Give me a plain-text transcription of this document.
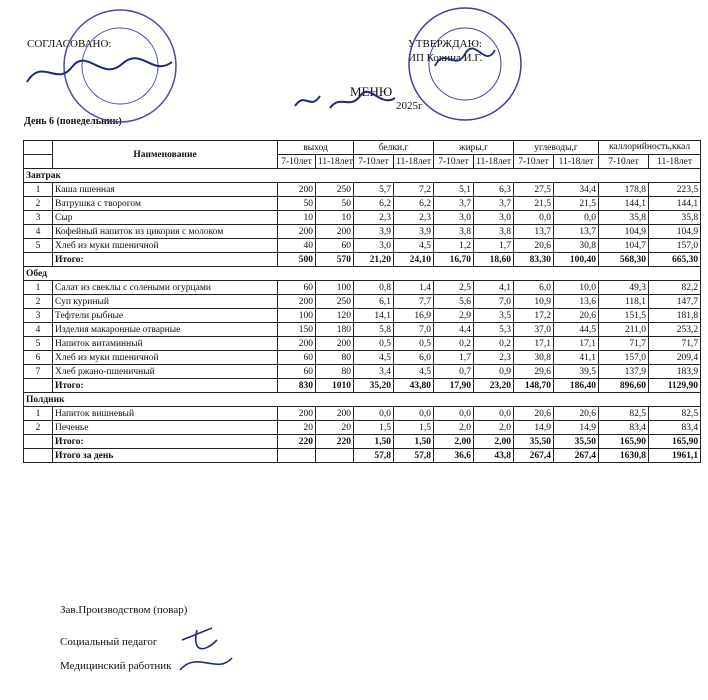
СОГЛАСОВАНО:	УТВЕРЖДАЮ:
ИП Кокина И.Г.
МЕНЮ
2025г
День 6 (понедельник)
	Наименование	выход		белки,г		жиры,г		углеводы,г		каллорийность,ккал	
		7-10лет	11-18лет	7-10лет	11-18лет	7-10лет	11-18лет	7-10лет	11-18лет	7-10лет	11-18лет
Завтрак											
1	Каша пшенная	200	250	5,7	7,2	5,1	6,3	27,5	34,4	178,8	223,5
2	Ватрушка с творогом	50	50	6,2	6,2	3,7	3,7	21,5	21,5	144,1	144,1
3	Сыр	10	10	2,3	2,3	3,0	3,0	0,0	0,0	35,8	35,8
4	Кофейный напиток из цикория с молоком	200	200	3,9	3,9	3,8	3,8	13,7	13,7	104,9	104,9
5	Хлеб из муки пшеничной	40	60	3,0	4,5	1,2	1,7	20,6	30,8	104,7	157,0
	Итого:	500	570	21,20	24,10	16,70	18,60	83,30	100,40	568,30	665,30
Обед											
1	Салат из свеклы с солеными огурцами	60	100	0,8	1,4	2,5	4,1	6,0	10,0	49,3	82,2
2	Суп куриный	200	250	6,1	7,7	5,6	7,0	10,9	13,6	118,1	147,7
3	Тефтели рыбные	100	120	14,1	16,9	2,9	3,5	17,2	20,6	151,5	181,8
4	Изделия макаронные отварные	150	180	5,8	7,0	4,4	5,3	37,0	44,5	211,0	253,2
5	Напиток витаминный	200	200	0,5	0,5	0,2	0,2	17,1	17,1	71,7	71,7
6	Хлеб из муки пшеничной	60	80	4,5	6,0	1,7	2,3	30,8	41,1	157,0	209,4
7	Хлеб ржано-пшеничный	60	80	3,4	4,5	0,7	0,9	29,6	39,5	137,9	183,9
	Итого:	830	1010	35,20	43,80	17,90	23,20	148,70	186,40	896,60	1129,90
Полдник											
1	Напиток вишневый	200	200	0,0	0,0	0,0	0,0	20,6	20,6	82,5	82,5
2	Печенье	20	20	1,5	1,5	2,0	2,0	14,9	14,9	83,4	83,4
	Итого:	220	220	1,50	1,50	2,00	2,00	35,50	35,50	165,90	165,90
	Итого за день			57,8	57,8	36,6	43,8	267,4	267,4	1630,8	1961,1
Зав.Производством (повар)
Социальный педагог
Медицинский работник
